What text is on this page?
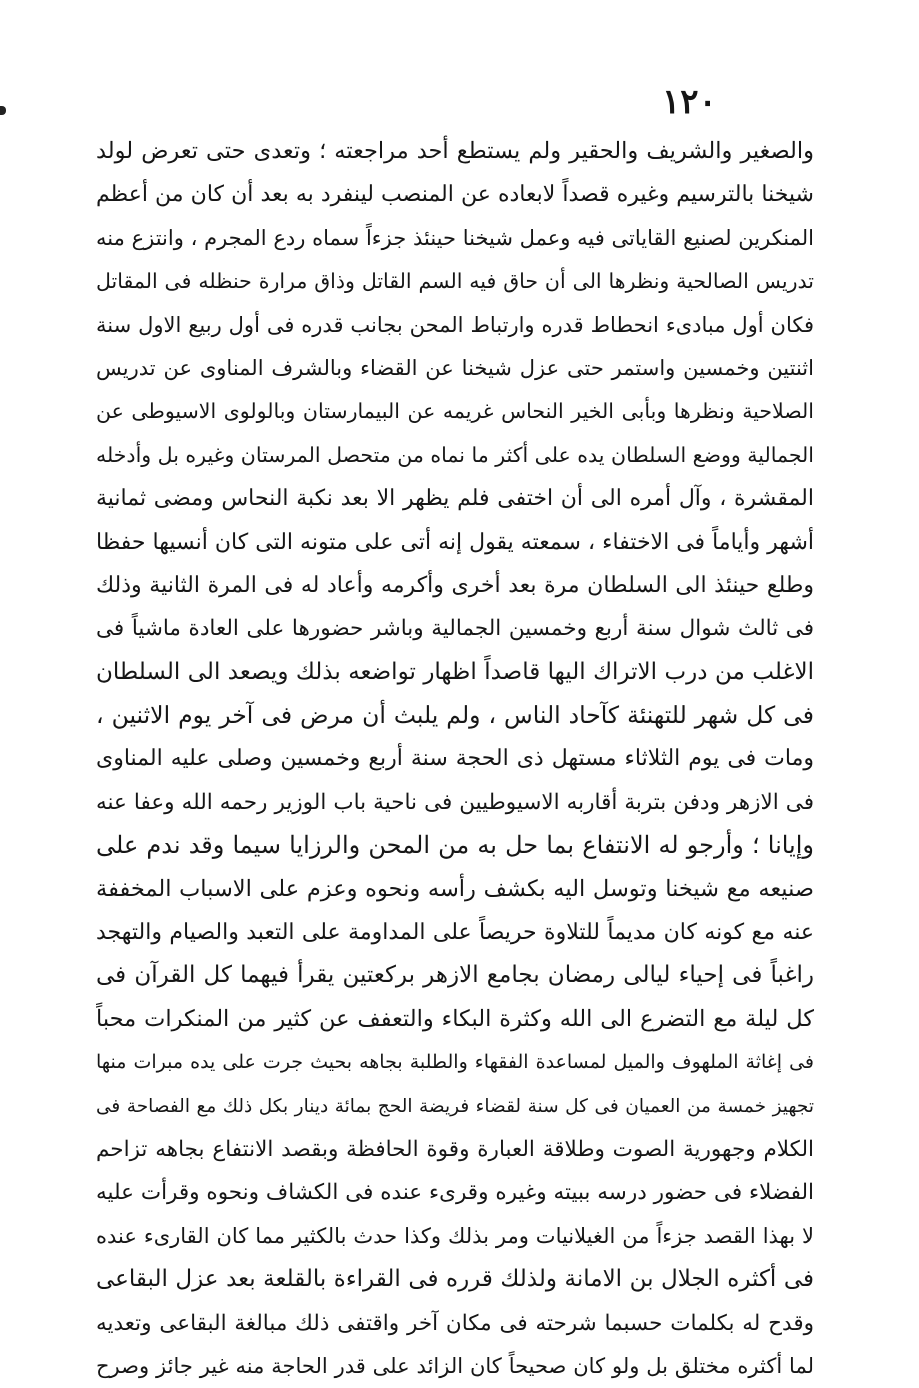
١٢٠
والصغير والشريف والحقير ولم يستطع أحد مراجعته ؛ وتعدى حتى تعرض لولد
شيخنا بالترسيم وغيره قصداً لابعاده عن المنصب لينفرد به بعد أن كان من أعظم
المنكرين لصنيع القاياتى فيه وعمل شيخنا حينئذ جزءاً سماه ردع المجرم ، وانتزع منه
تدريس الصالحية ونظرها الى أن حاق فيه السم القاتل وذاق مرارة حنظله فى المقاتل
فكان أول مبادىء انحطاط قدره وارتباط المحن بجانب قدره فى أول ربيع الاول سنة
اثنتين وخمسين واستمر حتى عزل شيخنا عن القضاء وبالشرف المناوى عن تدريس
الصلاحية ونظرها وبأبى الخير النحاس غريمه عن البيمارستان وبالولوى الاسيوطى عن
الجمالية ووضع السلطان يده على أكثر ما نماه من متحصل المرستان وغيره بل وأدخله
المقشرة ، وآل أمره الى أن اختفى فلم يظهر الا بعد نكبة النحاس ومضى ثمانية
أشهر وأياماً فى الاختفاء ، سمعته يقول إنه أتى على متونه التى كان أنسيها حفظا
وطلع حينئذ الى السلطان مرة بعد أخرى وأكرمه وأعاد له فى المرة الثانية وذلك
فى ثالث شوال سنة أربع وخمسين الجمالية وباشر حضورها على العادة ماشياً فى
الاغلب من درب الاتراك اليها قاصداً اظهار تواضعه بذلك ويصعد الى السلطان
فى كل شهر للتهنئة كآحاد الناس ، ولم يلبث أن مرض فى آخر يوم الاثنين ،
ومات فى يوم الثلاثاء مستهل ذى الحجة سنة أربع وخمسين وصلى عليه المناوى
فى الازهر ودفن بتربة أقاربه الاسيوطيين فى ناحية باب الوزير رحمه الله وعفا عنه
وإيانا ؛ وأرجو له الانتفاع بما حل به من المحن والرزايا سيما وقد ندم على
صنيعه مع شيخنا وتوسل اليه بكشف رأسه ونحوه وعزم على الاسباب المخففة
عنه مع كونه كان مديماً للتلاوة حريصاً على المداومة على التعبد والصيام والتهجد
راغباً فى إحياء ليالى رمضان بجامع الازهر بركعتين يقرأ فيهما كل القرآن فى
كل ليلة مع التضرع الى الله وكثرة البكاء والتعفف عن كثير من المنكرات محباً
فى إغاثة الملهوف والميل لمساعدة الفقهاء والطلبة بجاهه بحيث جرت على يده مبرات منها
تجهيز خمسة من العميان فى كل سنة لقضاء فريضة الحج بمائة دينار بكل ذلك مع الفصاحة فى
الكلام وجهورية الصوت وطلاقة العبارة وقوة الحافظة وبقصد الانتفاع بجاهه تزاحم
الفضلاء فى حضور درسه ببيته وغيره وقرىء عنده فى الكشاف ونحوه وقرأت عليه
لا بهذا القصد جزءاً من الغيلانيات ومر بذلك وكذا حدث بالكثير مما كان القارىء عنده
فى أكثره الجلال بن الامانة ولذلك قرره فى القراءة بالقلعة بعد عزل البقاعى
وقدح له بكلمات حسبما شرحته فى مكان آخر واقتفى ذلك مبالغة البقاعى وتعديه
لما أكثره مختلق بل ولو كان صحيحاً كان الزائد على قدر الحاجة منه غير جائز وصرح
